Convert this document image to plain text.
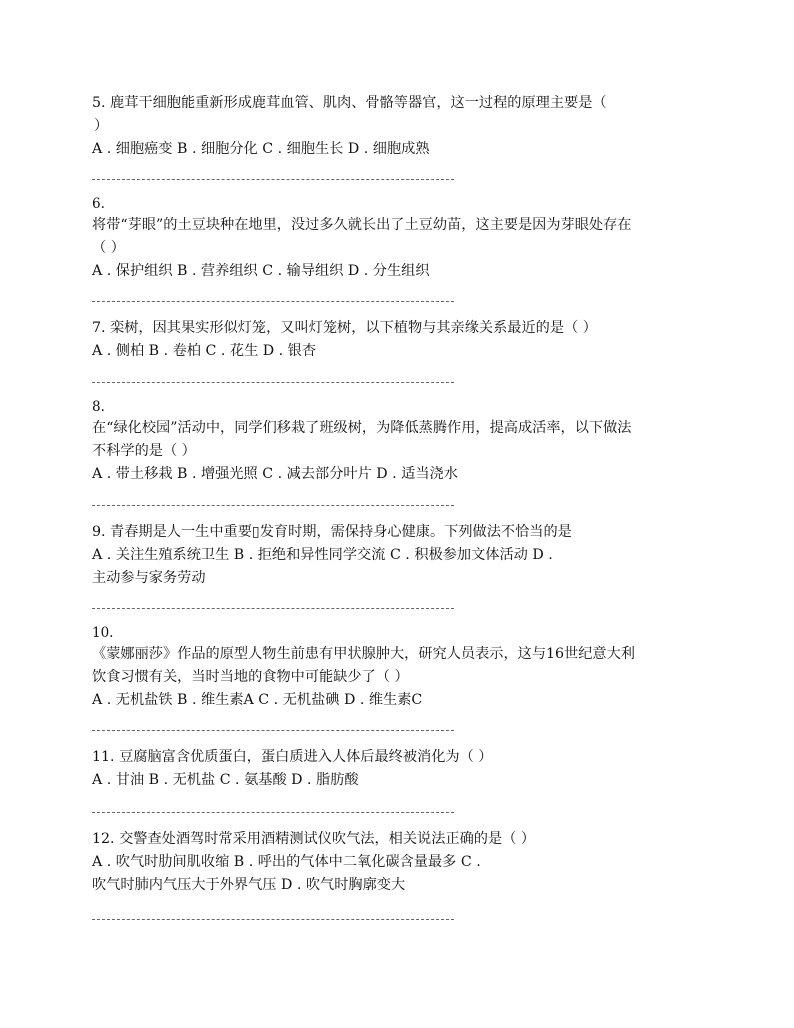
5. 鹿茸干细胞能重新形成鹿茸血管、肌肉、骨骼等器官，这一过程的原理主要是（
）
A . 细胞癌变 B . 细胞分化 C . 细胞生长 D . 细胞成熟
6.
将带“芽眼”的土豆块种在地里，没过多久就长出了土豆幼苗，这主要是因为芽眼处存在
（ ）
A . 保护组织 B . 营养组织 C . 输导组织 D . 分生组织
7. 栾树，因其果实形似灯笼，又叫灯笼树，以下植物与其亲缘关系最近的是（ ）
A . 侧柏 B . 卷柏 C . 花生 D . 银杏
8.
在“绿化校园”活动中，同学们移栽了班级树，为降低蒸腾作用，提高成活率，以下做法
不科学的是（ ）
A . 带土移栽 B . 增强光照 C . 减去部分叶片 D . 适当浇水
9. 青春期是人一生中重要▯发育时期，需保持身心健康。下列做法不恰当的是
A . 关注生殖系统卫生 B . 拒绝和异性同学交流 C . 积极参加文体活动 D .
主动参与家务劳动
10.
《蒙娜丽莎》作品的原型人物生前患有甲状腺肿大，研究人员表示，这与16世纪意大利
饮食习惯有关，当时当地的食物中可能缺少了（ ）
A . 无机盐铁 B . 维生素A C . 无机盐碘 D . 维生素C
11. 豆腐脑富含优质蛋白，蛋白质进入人体后最终被消化为（ ）
A . 甘油 B . 无机盐 C . 氨基酸 D . 脂肪酸
12. 交警查处酒驾时常采用酒精测试仪吹气法，相关说法正确的是（ ）
A . 吹气时肋间肌收缩 B . 呼出的气体中二氧化碳含量最多 C .
吹气时肺内气压大于外界气压 D . 吹气时胸廓变大
